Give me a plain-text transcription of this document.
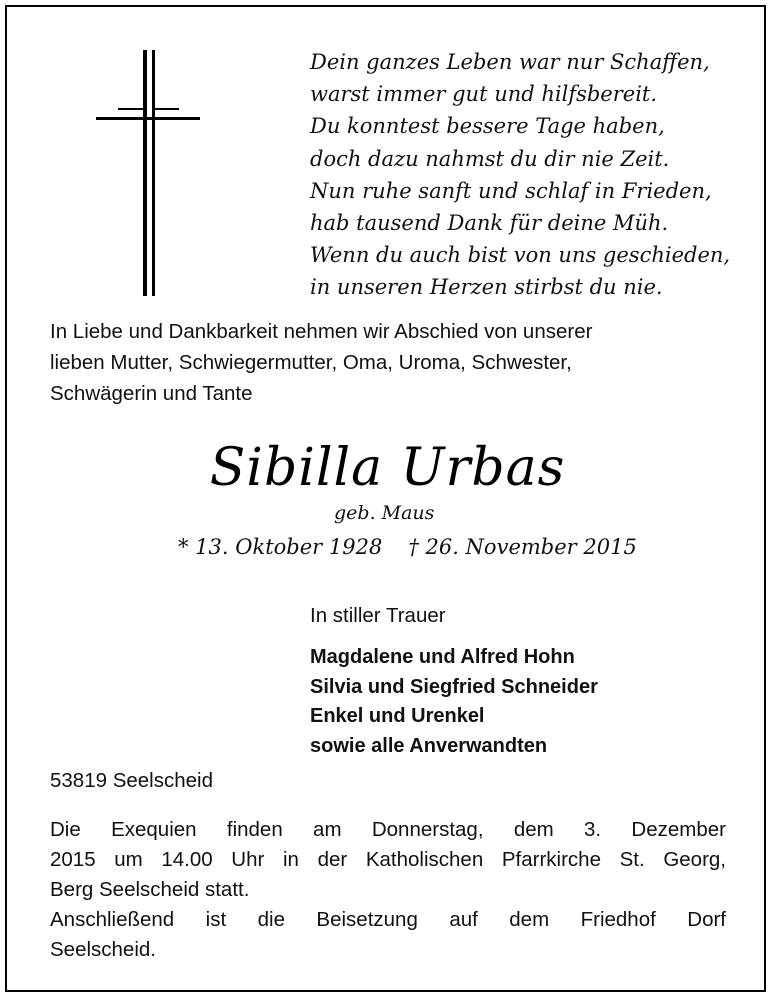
Dein ganzes Leben war nur Schaffen,
warst immer gut und hilfsbereit.
Du konntest bessere Tage haben,
doch dazu nahmst du dir nie Zeit.
Nun ruhe sanft und schlaf in Frieden,
hab tausend Dank für deine Müh.
Wenn du auch bist von uns geschieden,
in unseren Herzen stirbst du nie.
In Liebe und Dankbarkeit nehmen wir Abschied von unserer
lieben Mutter, Schwiegermutter, Oma, Uroma, Schwester,
Schwägerin und Tante
Sibilla Urbas
geb. Maus
* 13. Oktober 1928 † 26. November 2015
In stiller Trauer
Magdalene und Alfred Hohn
Silvia und Siegfried Schneider
Enkel und Urenkel
sowie alle Anverwandten
53819 Seelscheid
Die Exequien finden am Donnerstag, dem 3. Dezember
2015 um 14.00 Uhr in der Katholischen Pfarrkirche St. Georg,
Berg Seelscheid statt.
Anschließend ist die Beisetzung auf dem Friedhof Dorf
Seelscheid.
